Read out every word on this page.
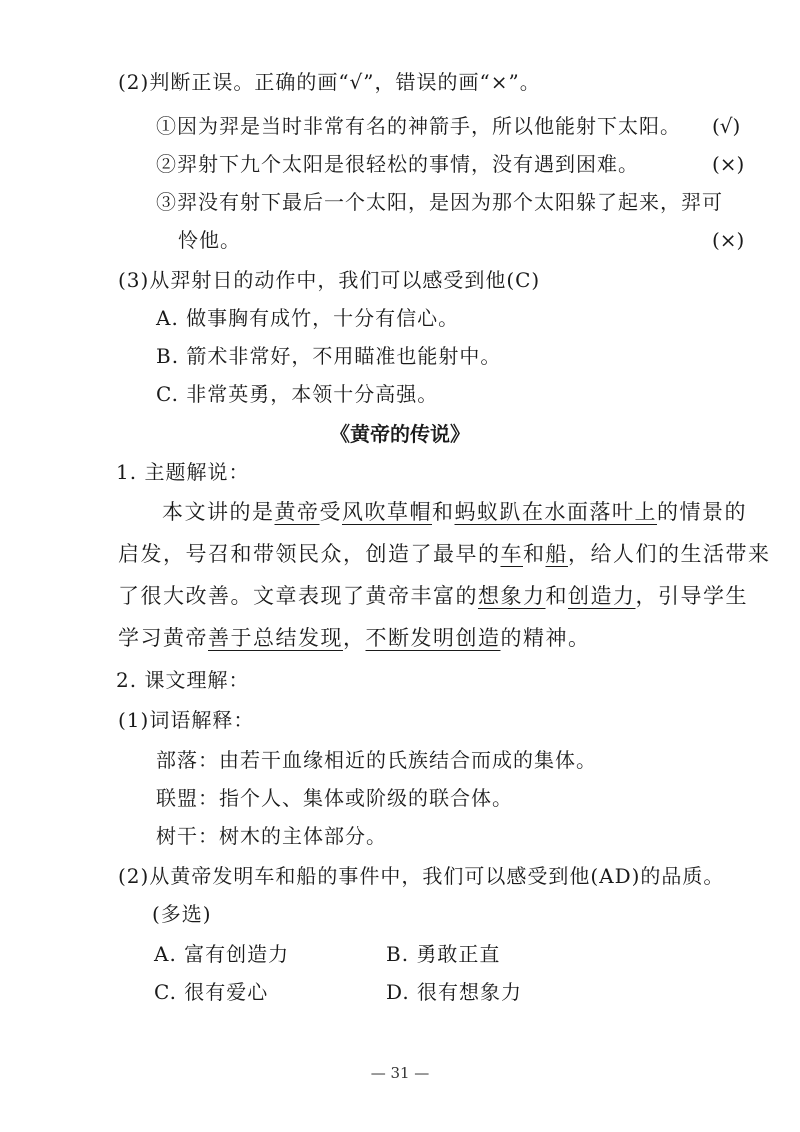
(2)判断正误。正确的画“√”，错误的画“×”。
①因为羿是当时非常有名的神箭手，所以他能射下太阳。 (√)
②羿射下九个太阳是很轻松的事情，没有遇到困难。	(×)
③羿没有射下最后一个太阳，是因为那个太阳躲了起来，羿可
怜他。	(×)
(3)从羿射日的动作中，我们可以感受到他(C)
A. 做事胸有成竹，十分有信心。
B. 箭术非常好，不用瞄准也能射中。
C. 非常英勇，本领十分高强。
《黄帝的传说》
1. 主题解说：
本文讲的是黄帝受风吹草帽和蚂蚁趴在水面落叶上的情景的
启发，号召和带领民众，创造了最早的车和船，给人们的生活带来
了很大改善。文章表现了黄帝丰富的想象力和创造力，引导学生
学习黄帝善于总结发现，不断发明创造的精神。
2. 课文理解：
(1)词语解释：
部落：由若干血缘相近的氏族结合而成的集体。
联盟：指个人、集体或阶级的联合体。
树干：树木的主体部分。
(2)从黄帝发明车和船的事件中，我们可以感受到他(AD)的品质。
(多选)
A. 富有创造力	B. 勇敢正直
C. 很有爱心	D. 很有想象力
— 31 —
